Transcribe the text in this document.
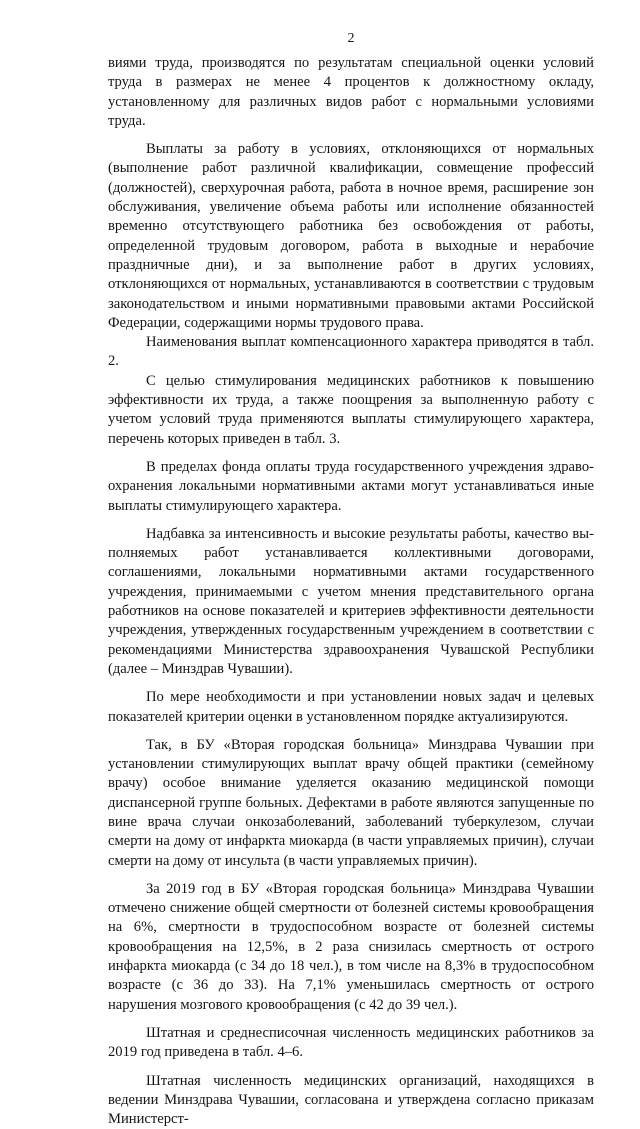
2

виями труда, производятся по результатам специальной оценки условий труда в размерах не менее 4 процентов к должностному окладу, установленному для различных видов работ с нормальными условиями труда.

Выплаты за работу в условиях, отклоняющихся от нормальных (выполнение работ различной квалификации, совмещение профессий (должностей), сверхурочная работа, работа в ночное время, расширение зон обслуживания, увеличение объема работы или исполнение обязанностей временно отсутствующего работника без освобождения от работы, определенной трудовым договором, работа в выходные и нерабочие праздничные дни), и за выполнение работ в других условиях, отклоняющихся от нормальных, устанавливаются в соответствии с трудовым законодательством и иными нормативными правовыми актами Российской Федерации, содержащими нормы трудового права.

Наименования выплат компенсационного характера приводятся в табл. 2.

С целью стимулирования медицинских работников к повышению эффективности их труда, а также поощрения за выполненную работу с учетом условий труда применяются выплаты стимулирующего характера, перечень которых приведен в табл. 3.

В пределах фонда оплаты труда государственного учреждения здравоохранения локальными нормативными актами могут устанавливаться иные выплаты стимулирующего характера.

Надбавка за интенсивность и высокие результаты работы, качество выполняемых работ устанавливается коллективными договорами, соглашениями, локальными нормативными актами государственного учреждения, принимаемыми с учетом мнения представительного органа работников на основе показателей и критериев эффективности деятельности учреждения, утвержденных государственным учреждением в соответствии с рекомендациями Министерства здравоохранения Чувашской Республики (далее – Минздрав Чувашии).

По мере необходимости и при установлении новых задач и целевых показателей критерии оценки в установленном порядке актуализируются.

Так, в БУ «Вторая городская больница» Минздрава Чувашии при установлении стимулирующих выплат врачу общей практики (семейному врачу) особое внимание уделяется оказанию медицинской помощи диспансерной группе больных. Дефектами в работе являются запущенные по вине врача случаи онкозаболеваний, заболеваний туберкулезом, случаи смерти на дому от инфаркта миокарда (в части управляемых причин), случаи смерти на дому от инсульта (в части управляемых причин).

За 2019 год в БУ «Вторая городская больница» Минздрава Чувашии отмечено снижение общей смертности от болезней системы кровообращения на 6%, смертности в трудоспособном возрасте от болезней системы кровообращения на 12,5%, в 2 раза снизилась смертность от острого инфаркта миокарда (с 34 до 18 чел.), в том числе на 8,3% в трудоспособном возрасте (с 36 до 33). На 7,1% уменьшилась смертность от острого нарушения мозгового кровообращения (с 42 до 39 чел.).

Штатная и среднесписочная численность медицинских работников за 2019 год приведена в табл. 4–6.

Штатная численность медицинских организаций, находящихся в ведении Минздрава Чувашии, согласована и утверждена согласно приказам Министерст-
